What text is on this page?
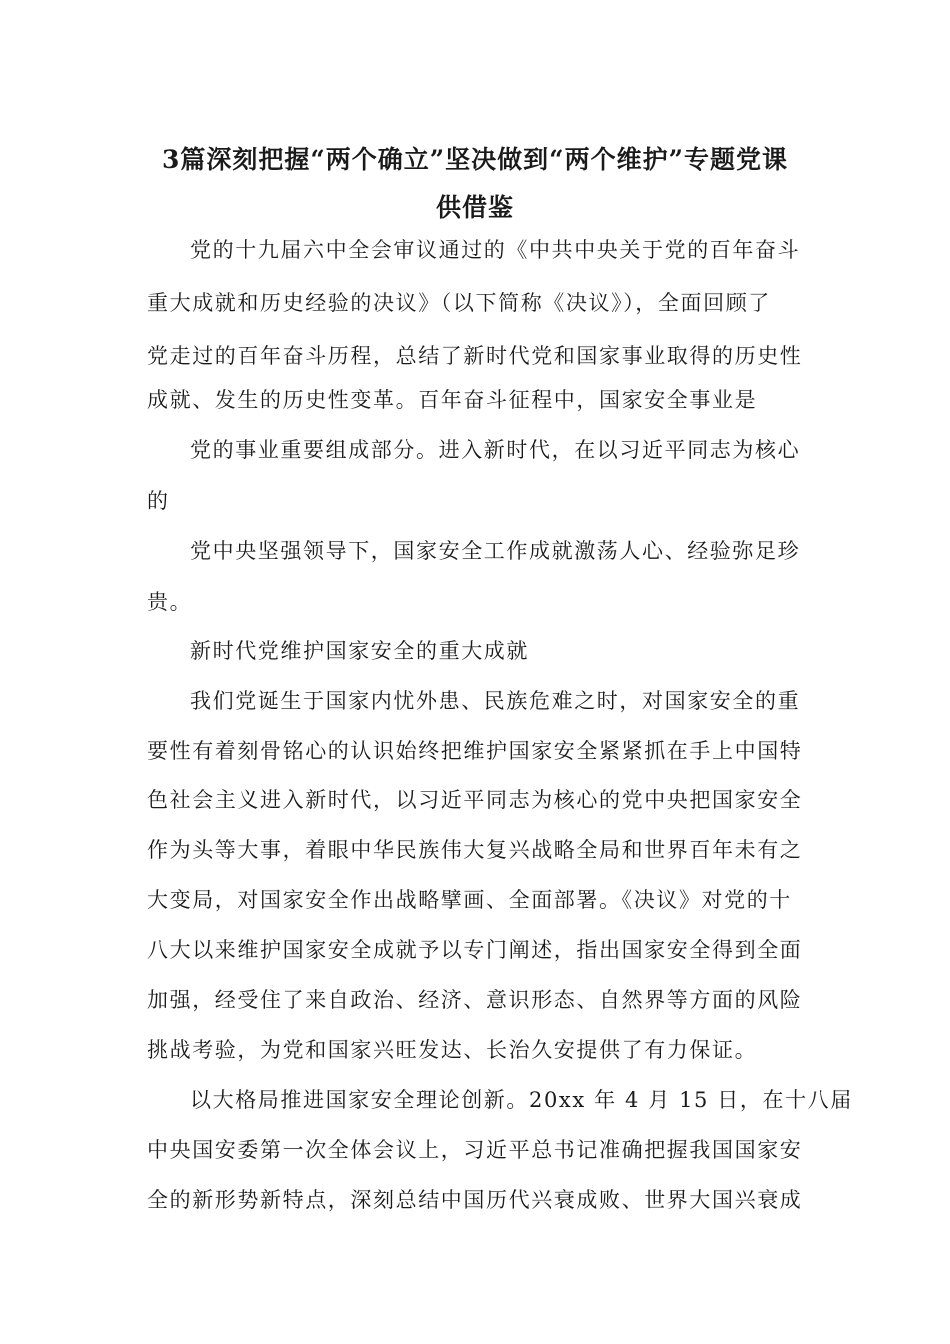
3篇深刻把握“两个确立”坚决做到“两个维护”专题党课
供借鉴
党的十九届六中全会审议通过的《中共中央关于党的百年奋斗
重大成就和历史经验的决议》（以下简称《决议》），全面回顾了
党走过的百年奋斗历程，总结了新时代党和国家事业取得的历史性
成就、发生的历史性变革。百年奋斗征程中，国家安全事业是
党的事业重要组成部分。进入新时代，在以习近平同志为核心
的
党中央坚强领导下，国家安全工作成就激荡人心、经验弥足珍
贵。
新时代党维护国家安全的重大成就
我们党诞生于国家内忧外患、民族危难之时，对国家安全的重
要性有着刻骨铭心的认识始终把维护国家安全紧紧抓在手上中国特
色社会主义进入新时代，以习近平同志为核心的党中央把国家安全
作为头等大事，着眼中华民族伟大复兴战略全局和世界百年未有之
大变局，对国家安全作出战略擘画、全面部署。《决议》对党的十
八大以来维护国家安全成就予以专门阐述，指出国家安全得到全面
加强，经受住了来自政治、经济、意识形态、自然界等方面的风险
挑战考验，为党和国家兴旺发达、长治久安提供了有力保证。
以大格局推进国家安全理论创新。20xx 年 4 月 15 日，在十八届
中央国安委第一次全体会议上，习近平总书记准确把握我国国家安
全的新形势新特点，深刻总结中国历代兴衰成败、世界大国兴衰成
